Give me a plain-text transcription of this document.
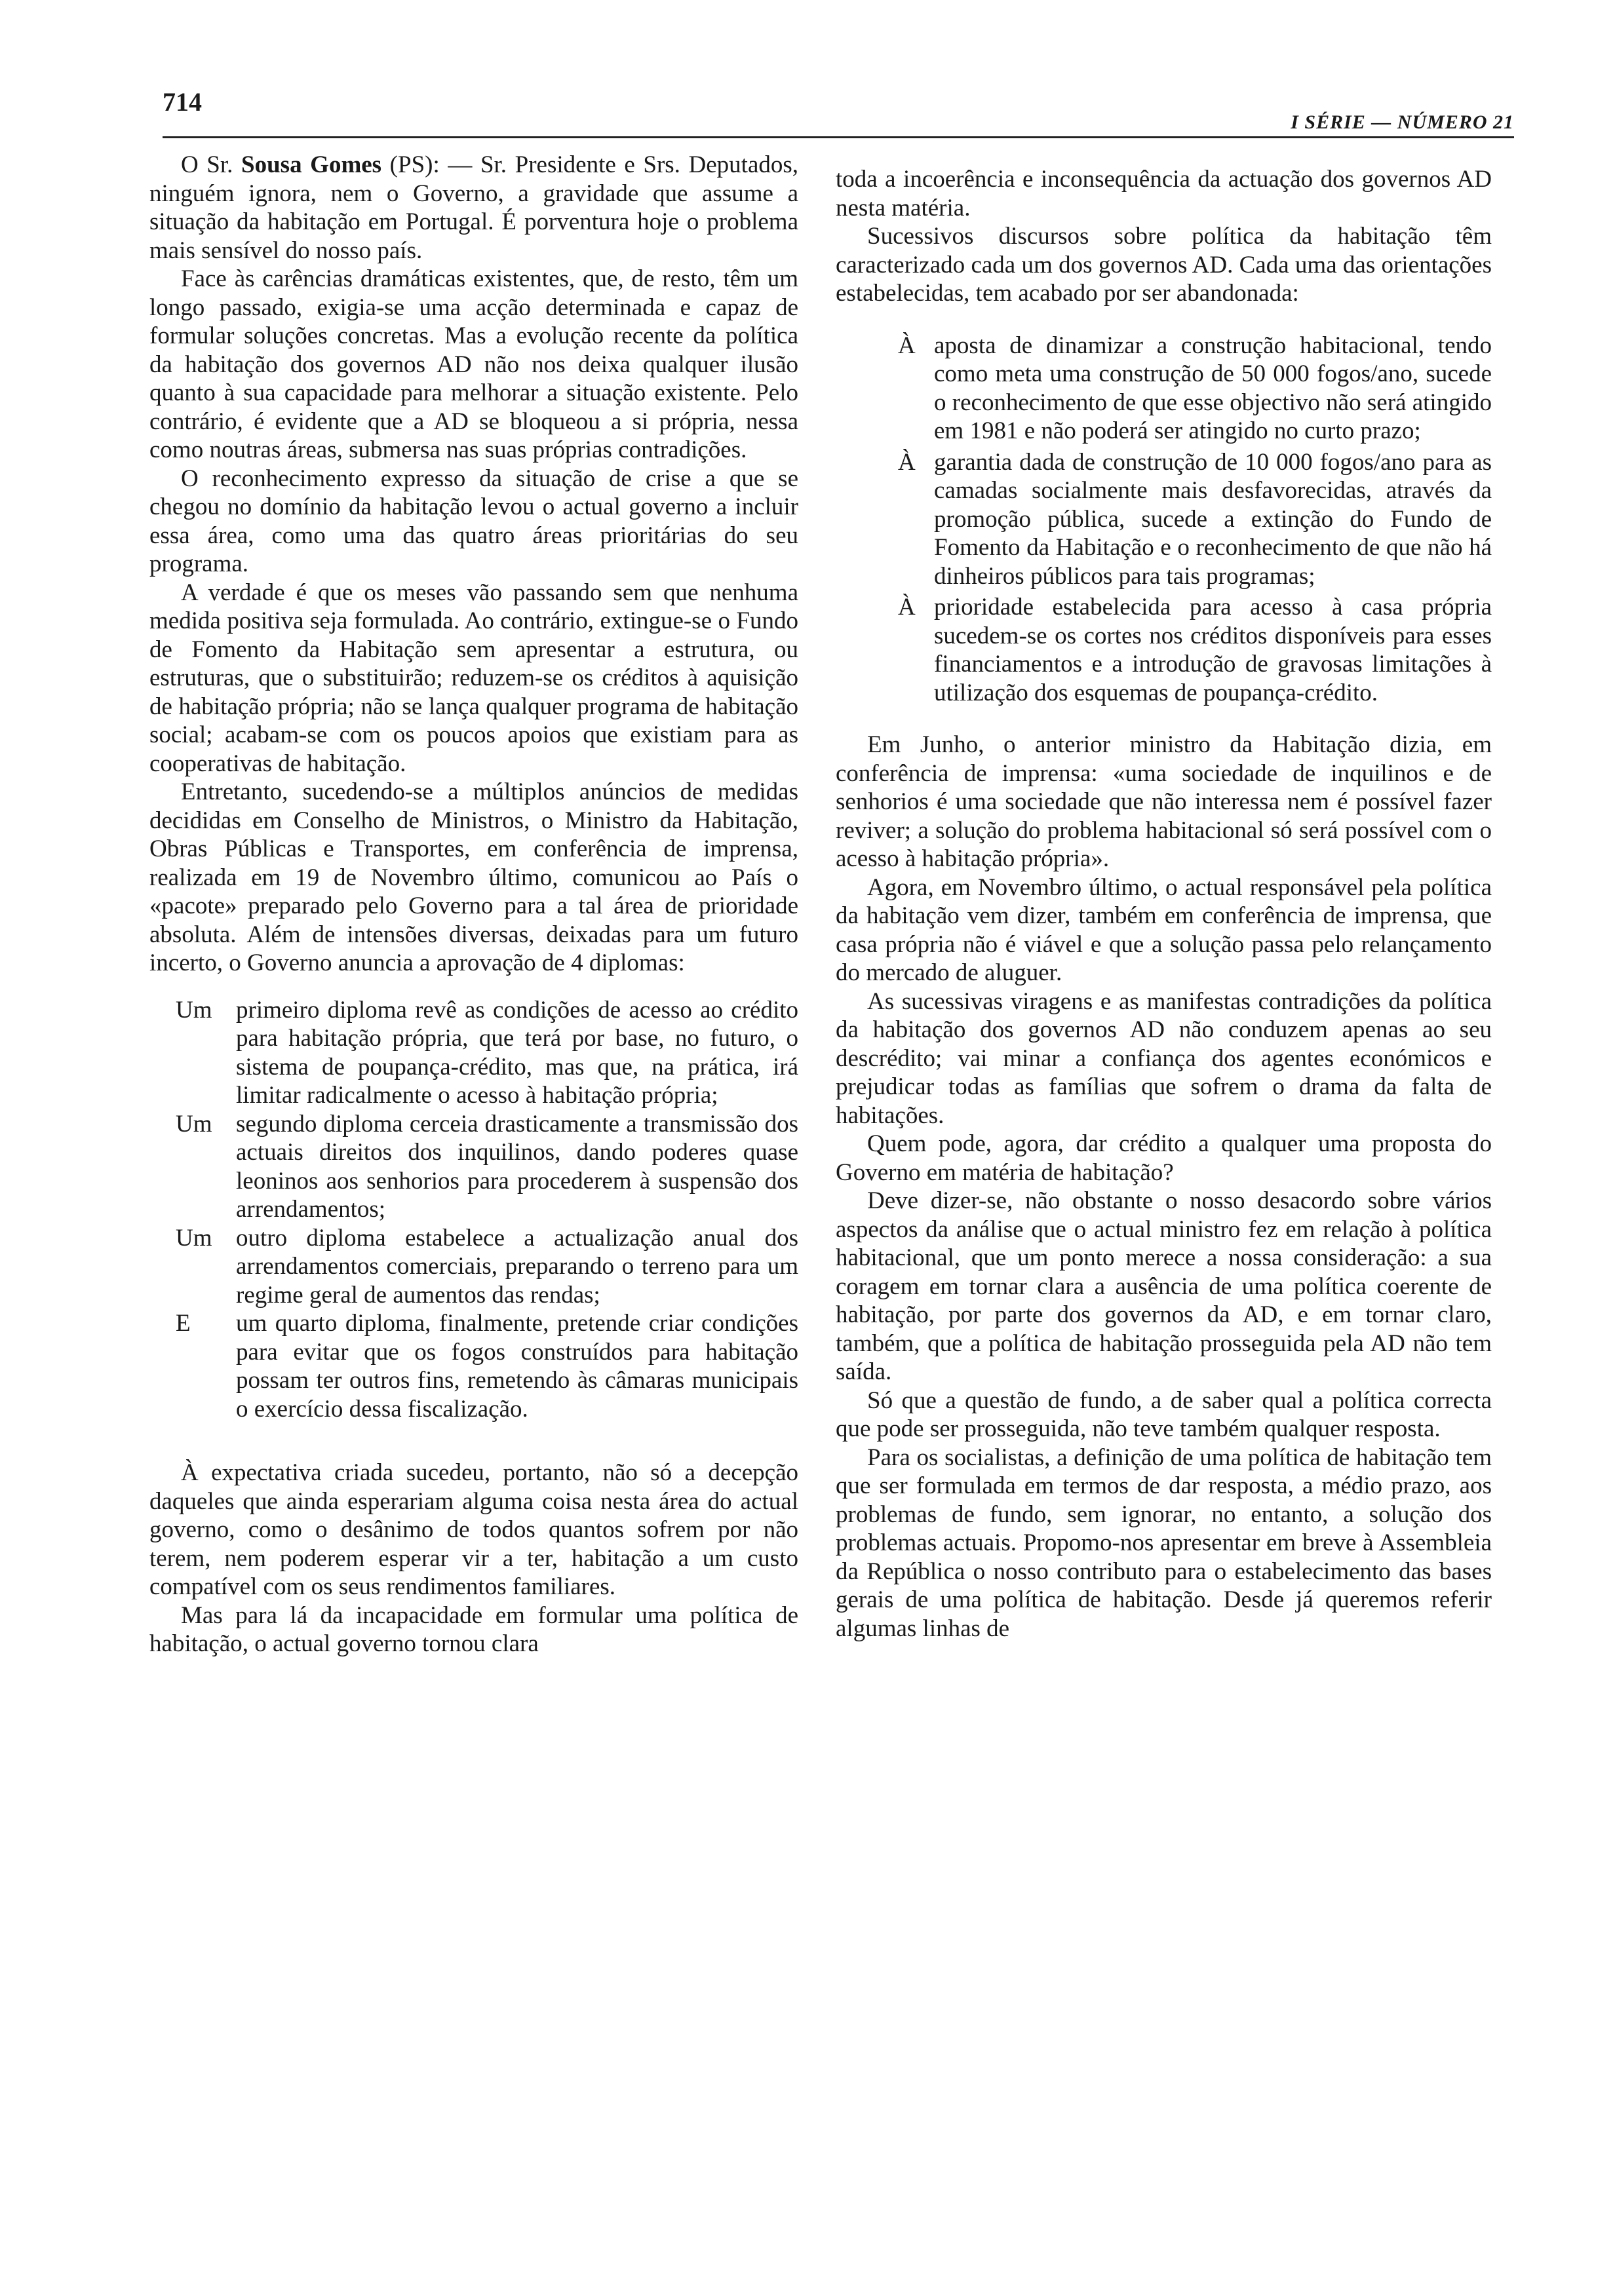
714
I SÉRIE — NÚMERO 21

O Sr. Sousa Gomes (PS): — Sr. Presidente e Srs. Deputados, ninguém ignora, nem o Governo, a gravidade que assume a situação da habitação em Portugal. É porventura hoje o problema mais sensível do nosso país.

Face às carências dramáticas existentes, que, de resto, têm um longo passado, exigia-se uma acção determinada e capaz de formular soluções concretas. Mas a evolução recente da política da habitação dos governos AD não nos deixa qualquer ilusão quanto à sua capacidade para melhorar a situação existente. Pelo contrário, é evidente que a AD se bloqueou a si própria, nessa como noutras áreas, submersa nas suas próprias contradições.

O reconhecimento expresso da situação de crise a que se chegou no domínio da habitação levou o actual governo a incluir essa área, como uma das quatro áreas prioritárias do seu programa.

A verdade é que os meses vão passando sem que nenhuma medida positiva seja formulada. Ao contrário, extingue-se o Fundo de Fomento da Habitação sem apresentar a estrutura, ou estruturas, que o substituirão; reduzem-se os créditos à aquisição de habitação própria; não se lança qualquer programa de habitação social; acabam-se com os poucos apoios que existiam para as cooperativas de habitação.

Entretanto, sucedendo-se a múltiplos anúncios de medidas decididas em Conselho de Ministros, o Ministro da Habitação, Obras Públicas e Transportes, em conferência de imprensa, realizada em 19 de Novembro último, comunicou ao País o «pacote» preparado pelo Governo para a tal área de prioridade absoluta. Além de intensões diversas, deixadas para um futuro incerto, o Governo anuncia a aprovação de 4 diplomas:

Um primeiro diploma revê as condições de acesso ao crédito para habitação própria, que terá por base, no futuro, o sistema de poupança-crédito, mas que, na prática, irá limitar radicalmente o acesso à habitação própria;

Um segundo diploma cerceia drasticamente a transmissão dos actuais direitos dos inquilinos, dando poderes quase leoninos aos senhorios para procederem à suspensão dos arrendamentos;

Um outro diploma estabelece a actualização anual dos arrendamentos comerciais, preparando o terreno para um regime geral de aumentos das rendas;

E	um quarto diploma, finalmente, pretende criar condições para evitar que os fogos construídos para habitação possam ter outros fins, remetendo às câmaras municipais o exercício dessa fiscalização.

À expectativa criada sucedeu, portanto, não só a decepção daqueles que ainda esperariam alguma coisa nesta área do actual governo, como o desânimo de todos quantos sofrem por não terem, nem poderem esperar vir a ter, habitação a um custo compatível com os seus rendimentos familiares.

Mas para lá da incapacidade em formular uma política de habitação, o actual governo tornou clara

toda a incoerência e inconsequência da actuação dos governos AD nesta matéria.

Sucessivos discursos sobre política da habitação têm caracterizado cada um dos governos AD. Cada uma das orientações estabelecidas, tem acabado por ser abandonada:

À aposta de dinamizar a construção habitacional, tendo como meta uma construção de 50 000 fogos/ano, sucede o reconhecimento de que esse objectivo não será atingido em 1981 e não poderá ser atingido no curto prazo;

À garantia dada de construção de 10 000 fogos/ano para as camadas socialmente mais desfavorecidas, através da promoção pública, sucede a extinção do Fundo de Fomento da Habitação e o reconhecimento de que não há dinheiros públicos para tais programas;

À prioridade estabelecida para acesso à casa própria sucedem-se os cortes nos créditos disponíveis para esses financiamentos e a introdução de gravosas limitações à utilização dos esquemas de poupança-crédito.

Em Junho, o anterior ministro da Habitação dizia, em conferência de imprensa: «uma sociedade de inquilinos e de senhorios é uma sociedade que não interessa nem é possível fazer reviver; a solução do problema habitacional só será possível com o acesso à habitação própria».

Agora, em Novembro último, o actual responsável pela política da habitação vem dizer, também em conferência de imprensa, que casa própria não é viável e que a solução passa pelo relançamento do mercado de aluguer.

As sucessivas viragens e as manifestas contradições da política da habitação dos governos AD não conduzem apenas ao seu descrédito; vai minar a confiança dos agentes económicos e prejudicar todas as famílias que sofrem o drama da falta de habitações.

Quem pode, agora, dar crédito a qualquer uma proposta do Governo em matéria de habitação?

Deve dizer-se, não obstante o nosso desacordo sobre vários aspectos da análise que o actual ministro fez em relação à política habitacional, que um ponto merece a nossa consideração: a sua coragem em tornar clara a ausência de uma política coerente de habitação, por parte dos governos da AD, e em tornar claro, também, que a política de habitação prosseguida pela AD não tem saída.

Só que a questão de fundo, a de saber qual a política correcta que pode ser prosseguida, não teve também qualquer resposta.

Para os socialistas, a definição de uma política de habitação tem que ser formulada em termos de dar resposta, a médio prazo, aos problemas de fundo, sem ignorar, no entanto, a solução dos problemas actuais. Propomo-nos apresentar em breve à Assembleia da República o nosso contributo para o estabelecimento das bases gerais de uma política de habitação. Desde já queremos referir algumas linhas de
